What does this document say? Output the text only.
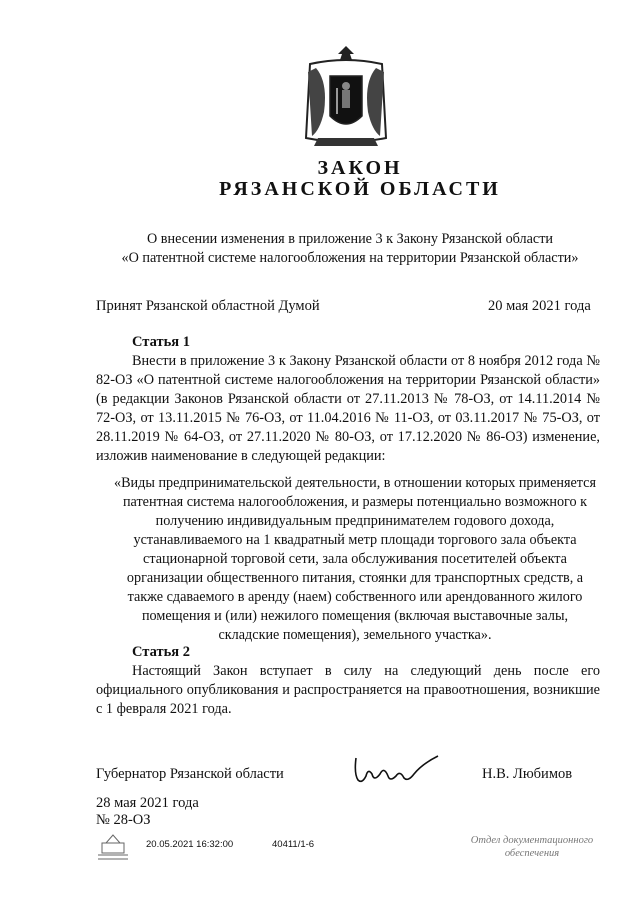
ЗАКОН
РЯЗАНСКОЙ ОБЛАСТИ
О внесении изменения в приложение 3 к Закону Рязанской области
«О патентной системе налогообложения на территории Рязанской области»
Принят Рязанской областной Думой	20 мая 2021 года
Статья 1

Внести в приложение 3 к Закону Рязанской области от 8 ноября 2012 года № 82-ОЗ «О патентной системе налогообложения на территории Рязанской области» (в редакции Законов Рязанской области от 27.11.2013 № 78-ОЗ, от 14.11.2014 № 72-ОЗ, от 13.11.2015 № 76-ОЗ, от 11.04.2016 № 11-ОЗ, от 03.11.2017 № 75-ОЗ, от 28.11.2019 № 64-ОЗ, от 27.11.2020 № 80-ОЗ, от 17.12.2020 № 86-ОЗ) изменение, изложив наименование в следующей редакции:

«Виды предпринимательской деятельности, в отношении которых применяется патентная система налогообложения, и размеры потенциально возможного к получению индивидуальным предпринимателем годового дохода, устанавливаемого на 1 квадратный метр площади торгового зала объекта стационарной торговой сети, зала обслуживания посетителей объекта организации общественного питания, стоянки для транспортных средств, а также сдаваемого в аренду (наем) собственного или арендованного жилого помещения и (или) нежилого помещения (включая выставочные залы, складские помещения), земельного участка».
Статья 2

Настоящий Закон вступает в силу на следующий день после его официального опубликования и распространяется на правоотношения, возникшие с 1 февраля 2021 года.

Губернатор Рязанской области	Н.В. Любимов
28 мая 2021 года
№ 28-ОЗ
20.05.2021 16:32:00	40411/1-6	Отдел документационного обеспечения
